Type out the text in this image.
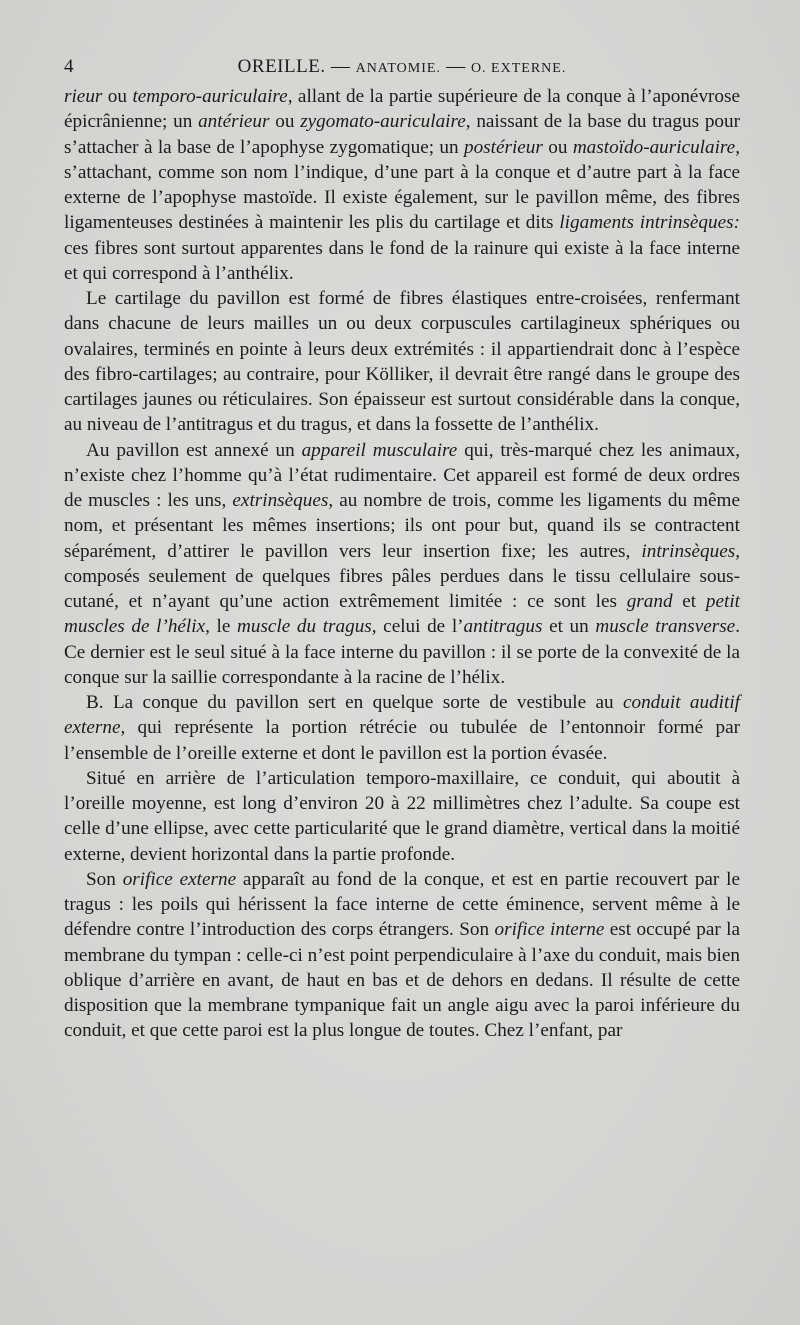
4	OREILLE. — ANATOMIE. — O. EXTERNE.

rieur ou temporo-auriculaire, allant de la partie supérieure de la conque à l’aponévrose épicrânienne; un antérieur ou zygomato-auriculaire, naissant de la base du tragus pour s’attacher à la base de l’apophyse zygomatique; un postérieur ou mastoïdo-auriculaire, s’attachant, comme son nom l’indique, d’une part à la conque et d’autre part à la face externe de l’apophyse mastoïde. Il existe également, sur le pavillon même, des fibres ligamenteuses destinées à maintenir les plis du cartilage et dits ligaments intrinsèques: ces fibres sont surtout apparentes dans le fond de la rainure qui existe à la face interne et qui correspond à l’anthélix.

Le cartilage du pavillon est formé de fibres élastiques entre-croisées, renfermant dans chacune de leurs mailles un ou deux corpuscules cartilagineux sphériques ou ovalaires, terminés en pointe à leurs deux extrémités : il appartiendrait donc à l’espèce des fibro-cartilages; au contraire, pour Kölliker, il devrait être rangé dans le groupe des cartilages jaunes ou réticulaires. Son épaisseur est surtout considérable dans la conque, au niveau de l’antitragus et du tragus, et dans la fossette de l’anthélix.

Au pavillon est annexé un appareil musculaire qui, très-marqué chez les animaux, n’existe chez l’homme qu’à l’état rudimentaire. Cet appareil est formé de deux ordres de muscles : les uns, extrinsèques, au nombre de trois, comme les ligaments du même nom, et présentant les mêmes insertions; ils ont pour but, quand ils se contractent séparément, d’attirer le pavillon vers leur insertion fixe; les autres, intrinsèques, composés seulement de quelques fibres pâles perdues dans le tissu cellulaire sous-cutané, et n’ayant qu’une action extrêmement limitée : ce sont les grand et petit muscles de l’hélix, le muscle du tragus, celui de l’antitragus et un muscle transverse. Ce dernier est le seul situé à la face interne du pavillon : il se porte de la convexité de la conque sur la saillie correspondante à la racine de l’hélix.

B. La conque du pavillon sert en quelque sorte de vestibule au conduit auditif externe, qui représente la portion rétrécie ou tubulée de l’entonnoir formé par l’ensemble de l’oreille externe et dont le pavillon est la portion évasée.

Situé en arrière de l’articulation temporo-maxillaire, ce conduit, qui aboutit à l’oreille moyenne, est long d’environ 20 à 22 millimètres chez l’adulte. Sa coupe est celle d’une ellipse, avec cette particularité que le grand diamètre, vertical dans la moitié externe, devient horizontal dans la partie profonde.

Son orifice externe apparaît au fond de la conque, et est en partie recouvert par le tragus : les poils qui hérissent la face interne de cette éminence, servent même à le défendre contre l’introduction des corps étrangers. Son orifice interne est occupé par la membrane du tympan : celle-ci n’est point perpendiculaire à l’axe du conduit, mais bien oblique d’arrière en avant, de haut en bas et de dehors en dedans. Il résulte de cette disposition que la membrane tympanique fait un angle aigu avec la paroi inférieure du conduit, et que cette paroi est la plus longue de toutes. Chez l’enfant, par
